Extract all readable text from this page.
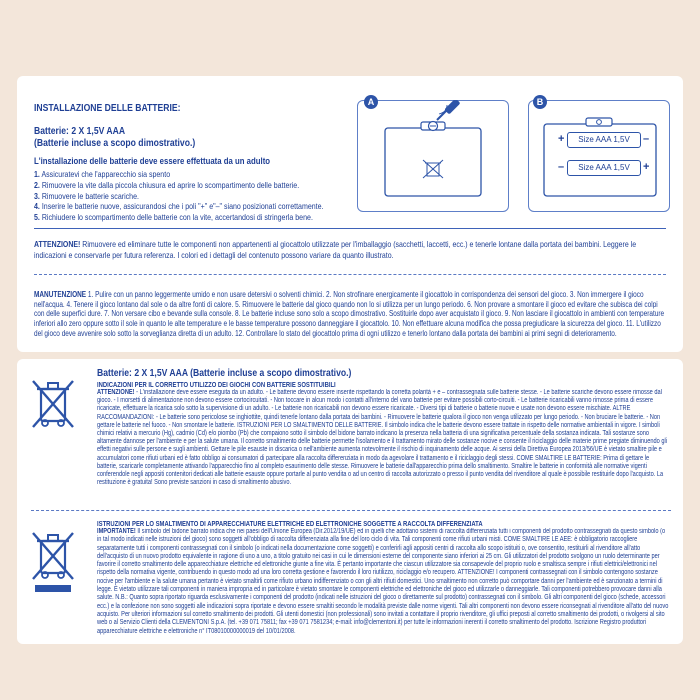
INSTALLAZIONE DELLE BATTERIE:
Batterie: 2 X 1,5V AAA
(Batterie incluse a scopo dimostrativo.)
L'installazione delle batterie deve essere effettuata da un adulto
1. Assicuratevi che l'apparecchio sia spento
2. Rimuovere la vite dalla piccola chiusura ed aprire lo scompartimento delle batterie.
3. Rimuovere le batterie scariche.
4. Inserire le batterie nuove, assicurandosi che i poli "+" e"–" siano posizionati correttamente.
5. Richiudere lo scompartimento delle batterie con la vite, accertandosi di stringerla bene.
A	B
+	Size AAA 1,5V	–
–	Size AAA 1,5V	+
ATTENZIONE! Rimuovere ed eliminare tutte le componenti non appartenenti al giocattolo utilizzate per l'imballaggio (sacchetti, laccetti, ecc.) e tenerle lontane dalla portata dei bambini. Leggere le indicazioni e conservarle per futura referenza. I colori ed i dettagli del contenuto possono variare da quanto illustrato.
MANUTENZIONE 1. Pulire con un panno leggermente umido e non usare detersivi o solventi chimici. 2. Non strofinare energicamente il giocattolo in corrispondenza dei sensori del gioco. 3. Non immergere il gioco nell'acqua. 4. Tenere il gioco lontano dal sole o da altre fonti di calore. 5. Rimuovere le batterie dal gioco quando non lo si utilizza per un lungo periodo. 6. Non provare a smontare il gioco ed evitare che subisca dei colpi con delle superfici dure. 7. Non versare cibo e bevande sulla console. 8. Le batterie incluse sono solo a scopo dimostrativo. Sostituirle dopo aver acquistato il gioco. 9. Non lasciare il giocattolo in ambienti con temperature inferiori allo zero oppure sotto il sole in quanto le alte temperature e le basse temperature possono danneggiare il giocattolo. 10. Non effettuare alcuna modifica che possa pregiudicare la sicurezza del gioco. 11. L'utilizzo del gioco deve avvenire solo sotto la sorveglianza diretta di un adulto. 12. Controllare lo stato del giocattolo prima di ogni utilizzo e tenerlo lontano dalla portata dei bambini ai primi segni di deterioramento.
Batterie: 2 X 1,5V AAA (Batterie incluse a scopo dimostrativo.)
INDICAZIONI PER IL CORRETTO UTILIZZO DEI GIOCHI CON BATTERIE SOSTITUIBILI
ATTENZIONE! - L'installazione deve essere eseguita da un adulto. - Le batterie devono essere inserite rispettando la corretta polarità + e – contrassegnata sulle batterie stesse. - Le batterie scariche devono essere rimosse dal gioco. - I morsetti di alimentazione non devono essere cortocircuitati. - Non toccare in alcun modo i contatti all'interno del vano batterie per evitare possibili corto-circuiti. - Le batterie ricaricabili vanno rimosse prima di essere ricaricate, effettuare la ricarica solo sotto la supervisione di un adulto. - Le batterie non ricaricabili non devono essere ricaricate. - Diversi tipi di batterie o batterie nuove e usate non devono essere mischiate. ALTRE RACCOMANDAZIONI: - Le batterie sono pericolose se inghiottite, quindi tenerle lontano dalla portata dei bambini. - Rimuovere le batterie qualora il gioco non venga utilizzato per lungo periodo. - Non bruciare le batterie. - Non gettare le batterie nel fuoco. - Non smontare le batterie. ISTRUZIONI PER LO SMALTIMENTO DELLE BATTERIE. Il simbolo indica che le batterie devono essere trattate in rispetto delle normative ambientali in vigore. I simboli chimici relativi a mercurio (Hg), cadmio (Cd) e/o piombo (Pb) che compaiono sotto il simbolo del bidone barrato indicano la presenza nella batteria di una significativa percentuale della sostanza indicata. Tali sostanze sono altamente dannose per l'ambiente e per la salute umana. Il corretto smaltimento delle batterie permette l'isolamento e il trattamento mirato delle sostanze nocive e consente il riciclaggio delle materie prime pregiate diminuendo gli effetti negativi sulle persone e sugli ambienti. Gettare le pile esauste in discarica o nell'ambiente aumenta notevolmente il rischio di inquinamento delle acque. Ai sensi della Direttiva Europea 2013/56/UE è vietato smaltire pile e accumulatori come rifiuti urbani ed è fatto obbligo ai consumatori di partecipare alla raccolta differenziata in modo da agevolare il trattamento e il riciclaggio degli stessi. COME SMALTIRE LE BATTERIE: Prima di gettare le batterie, scaricarle completamente attivando l'apparecchio fino al completo esaurimento delle stesse. Rimuovere le batterie dall'apparecchio prima dello smaltimento. Smaltire le batterie in conformità alle normative vigenti conferendole negli appositi contenitori dedicati alle batterie esauste oppure portarle al punto vendita o ad un centro di raccolta autorizzato o presso il punto vendita del rivenditore al quale è possibile restituirle dopo l'acquisto. La restituzione è gratuita! Sono previste sanzioni in caso di smaltimento abusivo.
ISTRUZIONI PER LO SMALTIMENTO DI APPARECCHIATURE ELETTRICHE ED ELETTRONICHE SOGGETTE A RACCOLTA DIFFERENZIATA
IMPORTANTE! Il simbolo del bidone barrato indica che nei paesi dell'Unione Europea (Dir.2012/19/UE) ed in quelli che adottano sistemi di raccolta differenziata tutti i componenti del prodotto contrassegnati da questo simbolo (o in tal modo indicati nelle istruzioni del gioco) sono soggetti all'obbligo di raccolta differenziata alla fine del loro ciclo di vita. Tali componenti come rifiuti urbani misti. COME SMALTIRE LE AEE: è obbligatorio raccogliere separatamente tutti i componenti contrassegnati con il simbolo (o indicati nella documentazione come soggetti) e conferirli agli appositi centri di raccolta allo scopo istituiti o, ove consentito, restituirli al rivenditore all'atto dell'acquisto di un nuovo prodotto equivalente in ragione di uno a uno, a titolo gratuito nei casi in cui le dimensioni esterne del componente siano inferiori ai 25 cm. Gli utilizzatori del prodotto svolgono un ruolo determinante per favorire il corretto smaltimento delle apparecchiature elettriche ed elettroniche giunte a fine vita. È pertanto importante che ciascun utilizzatore sia consapevole del proprio ruolo e smaltisca sempre i rifiuti elettrici/elettronici nel rispetto della normativa vigente, contribuendo in questo modo ad una loro corretta gestione e favorendo il loro riutilizzo, riciclaggio e/o recupero. ATTENZIONE! I componenti contrassegnati con il simbolo contengono sostanze nocive per l'ambiente e la salute umana pertanto è vietato smaltirli come rifiuto urbano indifferenziato o con gli altri rifiuti domestici. Uno smaltimento non corretto può comportare danni per l'ambiente ed è sanzionato a termini di legge. È vietato utilizzare tali componenti in maniera impropria ed in particolare è vietato smontare le componenti elettriche ed elettroniche del gioco ed utilizzarle o danneggiarle. Tali componenti potrebbero provocare danni alla salute. N.B.: Quanto sopra riportato riguarda esclusivamente i componenti del prodotto (indicati nelle istruzioni del gioco o direttamente sul prodotto) contrassegnati con il simbolo. Gli altri componenti del gioco (schede, accessori ecc.) e la confezione non sono soggetti alle indicazioni sopra riportate e devono essere smaltiti secondo le modalità previste dalle norme vigenti. Tali altri componenti non devono essere riconsegnati al rivenditore all'atto del nuovo acquisto. Per ulteriori informazioni sul corretto smaltimento dei prodotti. Gli utenti domestici (non professionali) sono invitati a contattare il proprio rivenditore, gli uffici preposti al corretto smaltimento dei prodotti, o rivolgersi al sito web o al Servizio Clienti della CLEMENTONI S.p.A. (tel. +39 071 75811; fax +39 071 7581234; e-mail: info@clementoni.it) per tutte le informazioni inerenti il corretto smaltimento del prodotto. Iscrizione Registro produttori apparecchiature elettriche e elettroniche n° IT08010000000019 del 10/01/2008.
